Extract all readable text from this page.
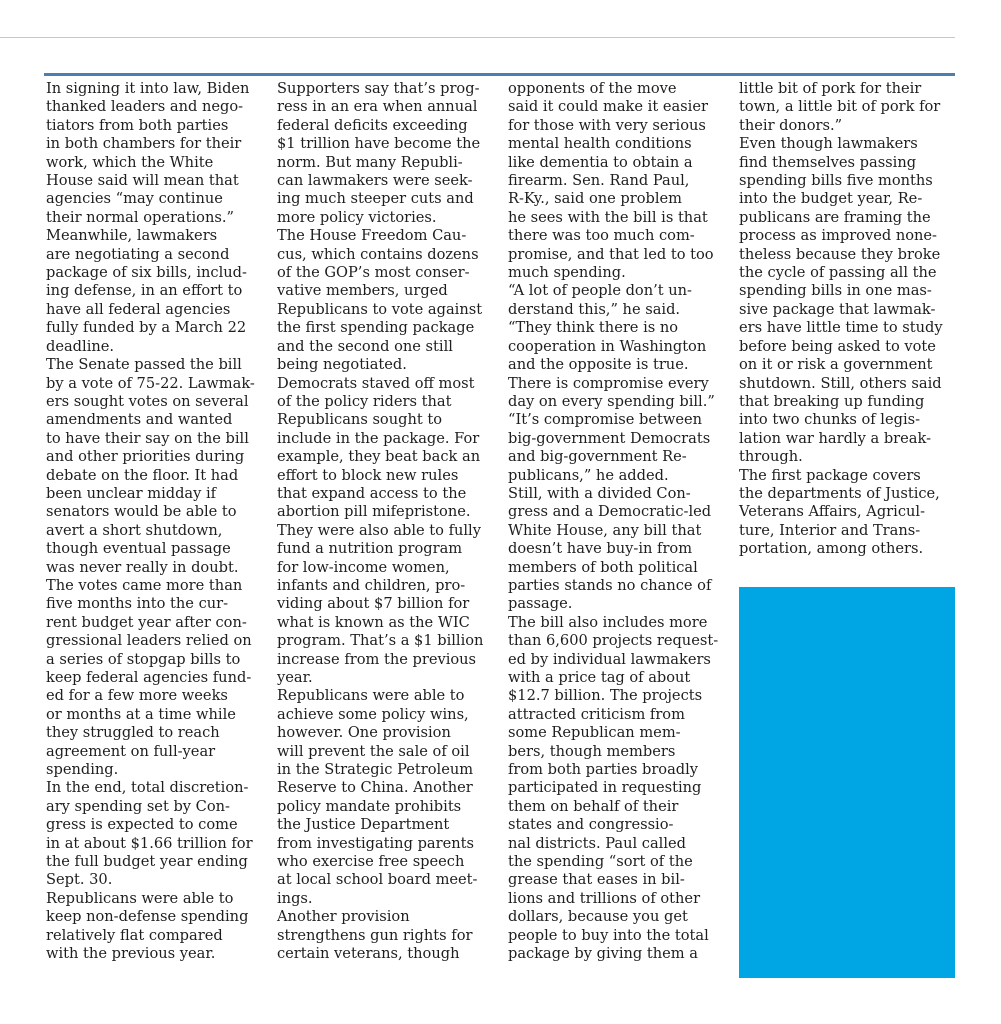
In signing it into law, Biden
thanked leaders and nego-
tiators from both parties
in both chambers for their
work, which the White
House said will mean that
agencies “may continue
their normal operations.”

Meanwhile, lawmakers
are negotiating a second
package of six bills, includ-
ing defense, in an effort to
have all federal agencies
fully funded by a March 22
deadline.

The Senate passed the bill
by a vote of 75-22. Lawmak-
ers sought votes on several
amendments and wanted
to have their say on the bill
and other priorities during
debate on the floor. It had
been unclear midday if
senators would be able to
avert a short shutdown,
though eventual passage
was never really in doubt.

The votes came more than
five months into the cur-
rent budget year after con-
gressional leaders relied on
a series of stopgap bills to
keep federal agencies fund-
ed for a few more weeks
or months at a time while
they struggled to reach
agreement on full-year
spending.

In the end, total discretion-
ary spending set by Con-
gress is expected to come
in at about $1.66 trillion for
the full budget year ending
Sept. 30.

Republicans were able to
keep non-defense spending
relatively flat compared
with the previous year.

Supporters say that’s prog-
ress in an era when annual
federal deficits exceeding
$1 trillion have become the
norm. But many Republi-
can lawmakers were seek-
ing much steeper cuts and
more policy victories.

The House Freedom Cau-
cus, which contains dozens
of the GOP’s most conser-
vative members, urged
Republicans to vote against
the first spending package
and the second one still
being negotiated.

Democrats staved off most
of the policy riders that
Republicans sought to
include in the package. For
example, they beat back an
effort to block new rules
that expand access to the
abortion pill mifepristone.
They were also able to fully
fund a nutrition program
for low-income women,
infants and children, pro-
viding about $7 billion for
what is known as the WIC
program. That’s a $1 billion
increase from the previous
year.

Republicans were able to
achieve some policy wins,
however. One provision
will prevent the sale of oil
in the Strategic Petroleum
Reserve to China. Another
policy mandate prohibits
the Justice Department
from investigating parents
who exercise free speech
at local school board meet-
ings.

Another provision
strengthens gun rights for
certain veterans, though

opponents of the move
said it could make it easier
for those with very serious
mental health conditions
like dementia to obtain a
firearm. Sen. Rand Paul,
R-Ky., said one problem
he sees with the bill is that
there was too much com-
promise, and that led to too
much spending.

“A lot of people don’t un-
derstand this,” he said.
“They think there is no
cooperation in Washington
and the opposite is true.
There is compromise every
day on every spending bill.”
“It’s compromise between
big-government Democrats
and big-government Re-
publicans,” he added.

Still, with a divided Con-
gress and a Democratic-led
White House, any bill that
doesn’t have buy-in from
members of both political
parties stands no chance of
passage.

The bill also includes more
than 6,600 projects request-
ed by individual lawmakers
with a price tag of about
$12.7 billion. The projects
attracted criticism from
some Republican mem-
bers, though members
from both parties broadly
participated in requesting
them on behalf of their
states and congressio-
nal districts. Paul called
the spending “sort of the
grease that eases in bil-
lions and trillions of other
dollars, because you get
people to buy into the total
package by giving them a

little bit of pork for their
town, a little bit of pork for
their donors.”

Even though lawmakers
find themselves passing
spending bills five months
into the budget year, Re-
publicans are framing the
process as improved none-
theless because they broke
the cycle of passing all the
spending bills in one mas-
sive package that lawmak-
ers have little time to study
before being asked to vote
on it or risk a government
shutdown. Still, others said
that breaking up funding
into two chunks of legis-
lation war hardly a break-
through.

The first package covers
the departments of Justice,
Veterans Affairs, Agricul-
ture, Interior and Trans-
portation, among others.
